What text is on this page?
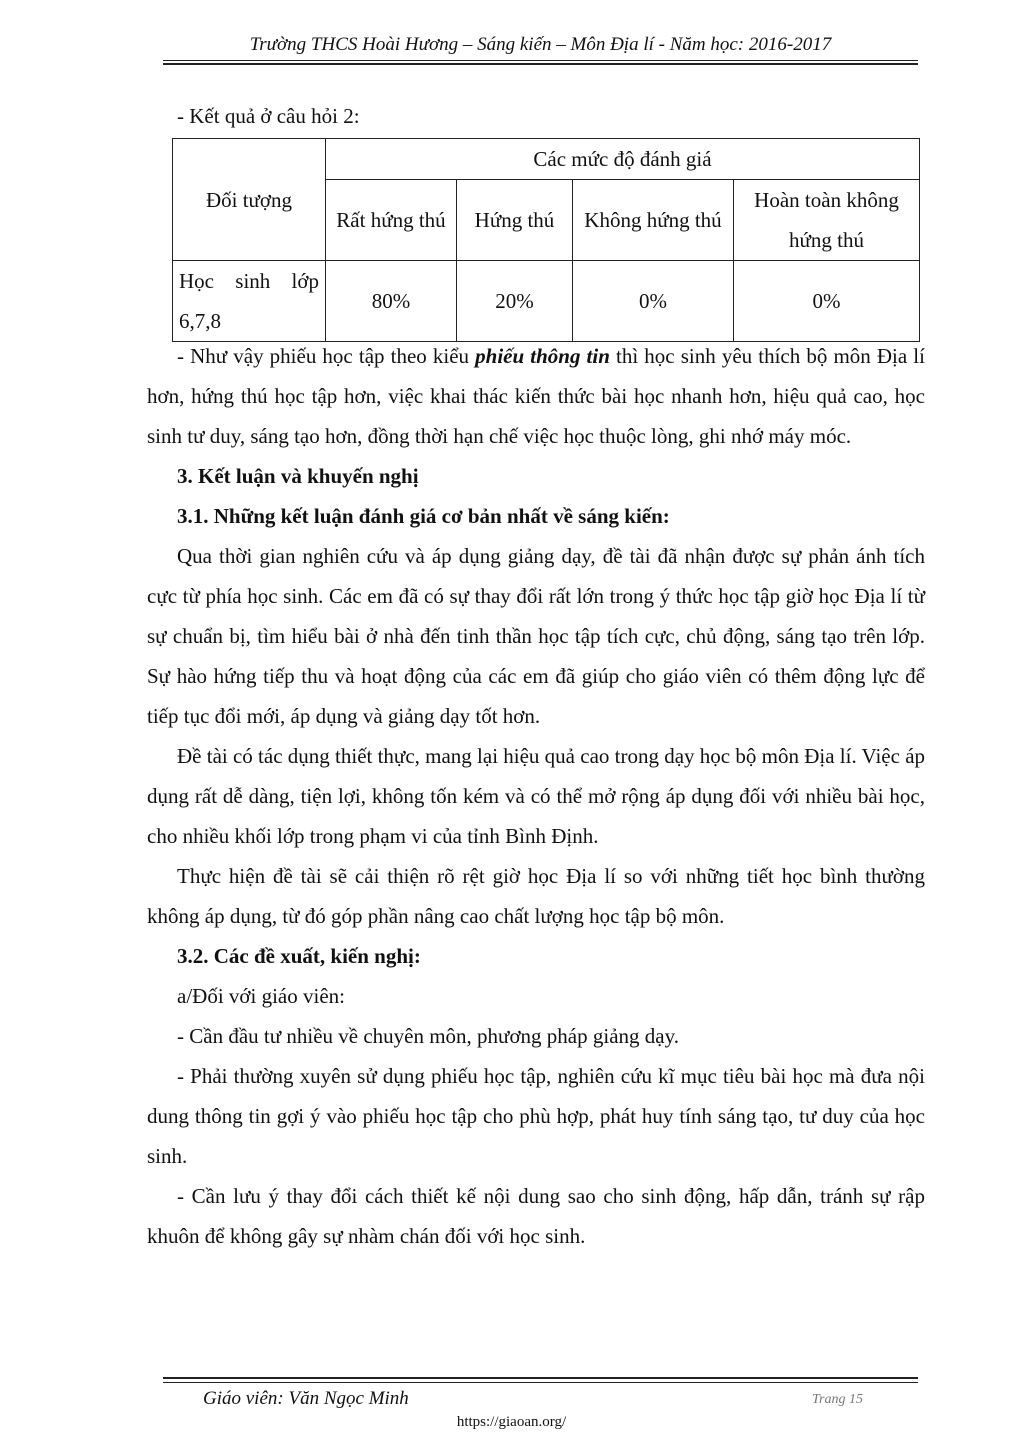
Trường THCS Hoài Hương – Sáng kiến – Môn Địa lí - Năm học: 2016-2017

- Kết quả ở câu hỏi 2:

Đối tượng	Các mức độ đánh giá			
	Rất hứng thú	Hứng thú	Không hứng thú	Hoàn toàn không hứng thú
Học sinh lớp 6,7,8	80%	20%	0%	0%

- Như vậy phiếu học tập theo kiểu phiếu thông tin thì học sinh yêu thích bộ môn Địa lí hơn, hứng thú học tập hơn, việc khai thác kiến thức bài học nhanh hơn, hiệu quả cao, học sinh tư duy, sáng tạo hơn, đồng thời hạn chế việc học thuộc lòng, ghi nhớ máy móc.

3. Kết luận và khuyến nghị

3.1. Những kết luận đánh giá cơ bản nhất về sáng kiến:

Qua thời gian nghiên cứu và áp dụng giảng dạy, đề tài đã nhận được sự phản ánh tích cực từ phía học sinh. Các em đã có sự thay đổi rất lớn trong ý thức học tập giờ học Địa lí từ sự chuẩn bị, tìm hiểu bài ở nhà đến tinh thần học tập tích cực, chủ động, sáng tạo trên lớp. Sự hào hứng tiếp thu và hoạt động của các em đã giúp cho giáo viên có thêm động lực để tiếp tục đổi mới, áp dụng và giảng dạy tốt hơn.

Đề tài có tác dụng thiết thực, mang lại hiệu quả cao trong dạy học bộ môn Địa lí. Việc áp dụng rất dễ dàng, tiện lợi, không tốn kém và có thể mở rộng áp dụng đối với nhiều bài học, cho nhiều khối lớp trong phạm vi của tỉnh Bình Định.

Thực hiện đề tài sẽ cải thiện rõ rệt giờ học Địa lí so với những tiết học bình thường không áp dụng, từ đó góp phần nâng cao chất lượng học tập bộ môn.

3.2. Các đề xuất, kiến nghị:

a/Đối với giáo viên:

- Cần đầu tư nhiều về chuyên môn, phương pháp giảng dạy.

- Phải thường xuyên sử dụng phiếu học tập, nghiên cứu kĩ mục tiêu bài học mà đưa nội dung thông tin gợi ý vào phiếu học tập cho phù hợp, phát huy tính sáng tạo, tư duy của học sinh.

- Cần lưu ý thay đổi cách thiết kế nội dung sao cho sinh động, hấp dẫn, tránh sự rập khuôn để không gây sự nhàm chán đối với học sinh.

Giáo viên: Văn Ngọc Minh	Trang 15
https://giaoan.org/
